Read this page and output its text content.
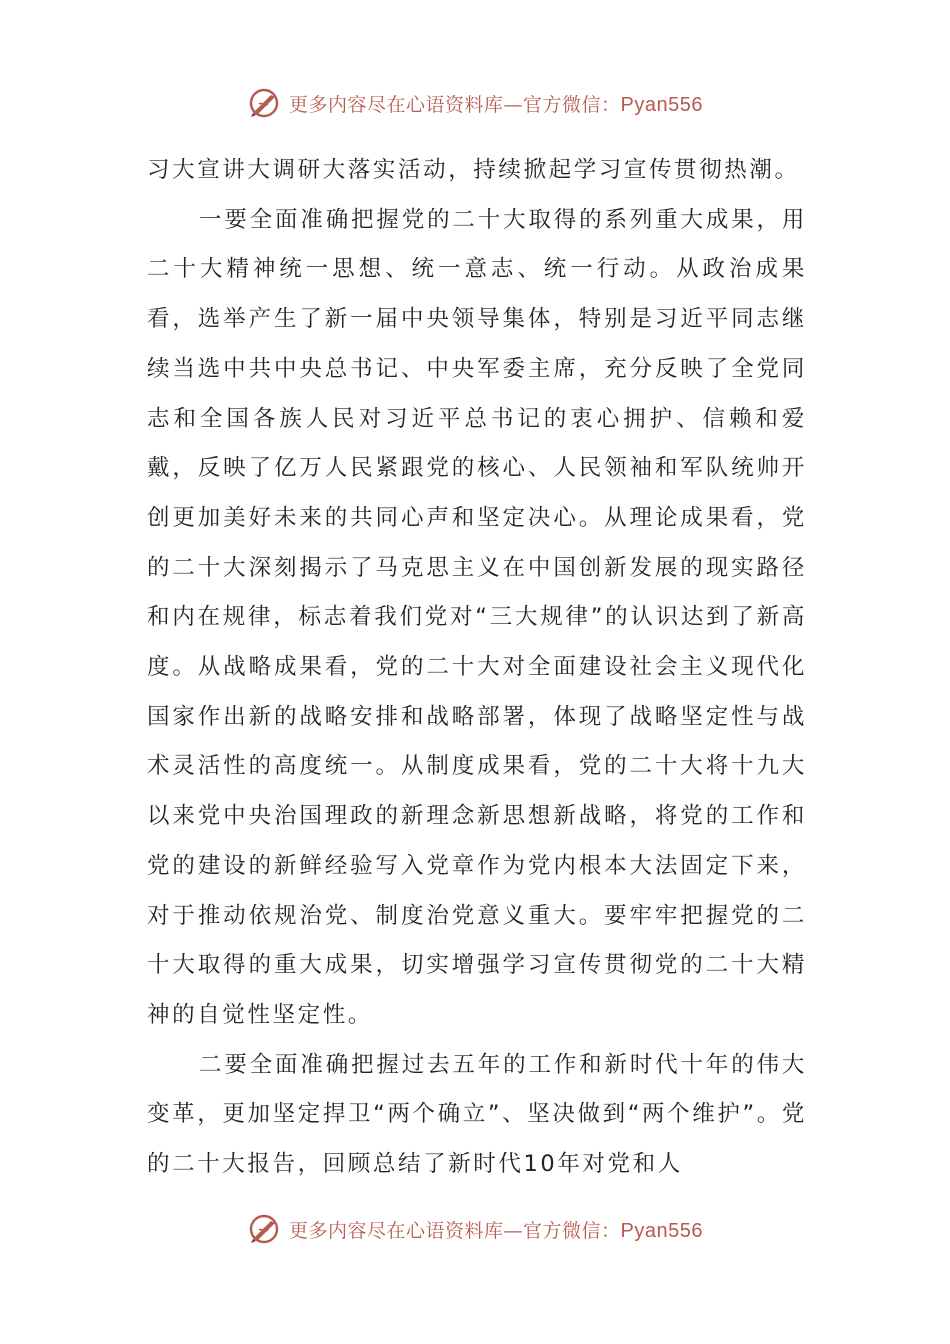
更多内容尽在心语资料库—官方微信：Pyan556

习大宣讲大调研大落实活动，持续掀起学习宣传贯彻热潮。

一要全面准确把握党的二十大取得的系列重大成果，用二十大精神统一思想、统一意志、统一行动。从政治成果看，选举产生了新一届中央领导集体，特别是习近平同志继续当选中共中央总书记、中央军委主席，充分反映了全党同志和全国各族人民对习近平总书记的衷心拥护、信赖和爱戴，反映了亿万人民紧跟党的核心、人民领袖和军队统帅开创更加美好未来的共同心声和坚定决心。从理论成果看，党的二十大深刻揭示了马克思主义在中国创新发展的现实路径和内在规律，标志着我们党对“三大规律”的认识达到了新高度。从战略成果看，党的二十大对全面建设社会主义现代化国家作出新的战略安排和战略部署，体现了战略坚定性与战术灵活性的高度统一。从制度成果看，党的二十大将十九大以来党中央治国理政的新理念新思想新战略，将党的工作和党的建设的新鲜经验写入党章作为党内根本大法固定下来，对于推动依规治党、制度治党意义重大。要牢牢把握党的二十大取得的重大成果，切实增强学习宣传贯彻党的二十大精神的自觉性坚定性。

二要全面准确把握过去五年的工作和新时代十年的伟大变革，更加坚定捍卫“两个确立”、坚决做到“两个维护”。党的二十大报告，回顾总结了新时代10年对党和人

更多内容尽在心语资料库—官方微信：Pyan556
